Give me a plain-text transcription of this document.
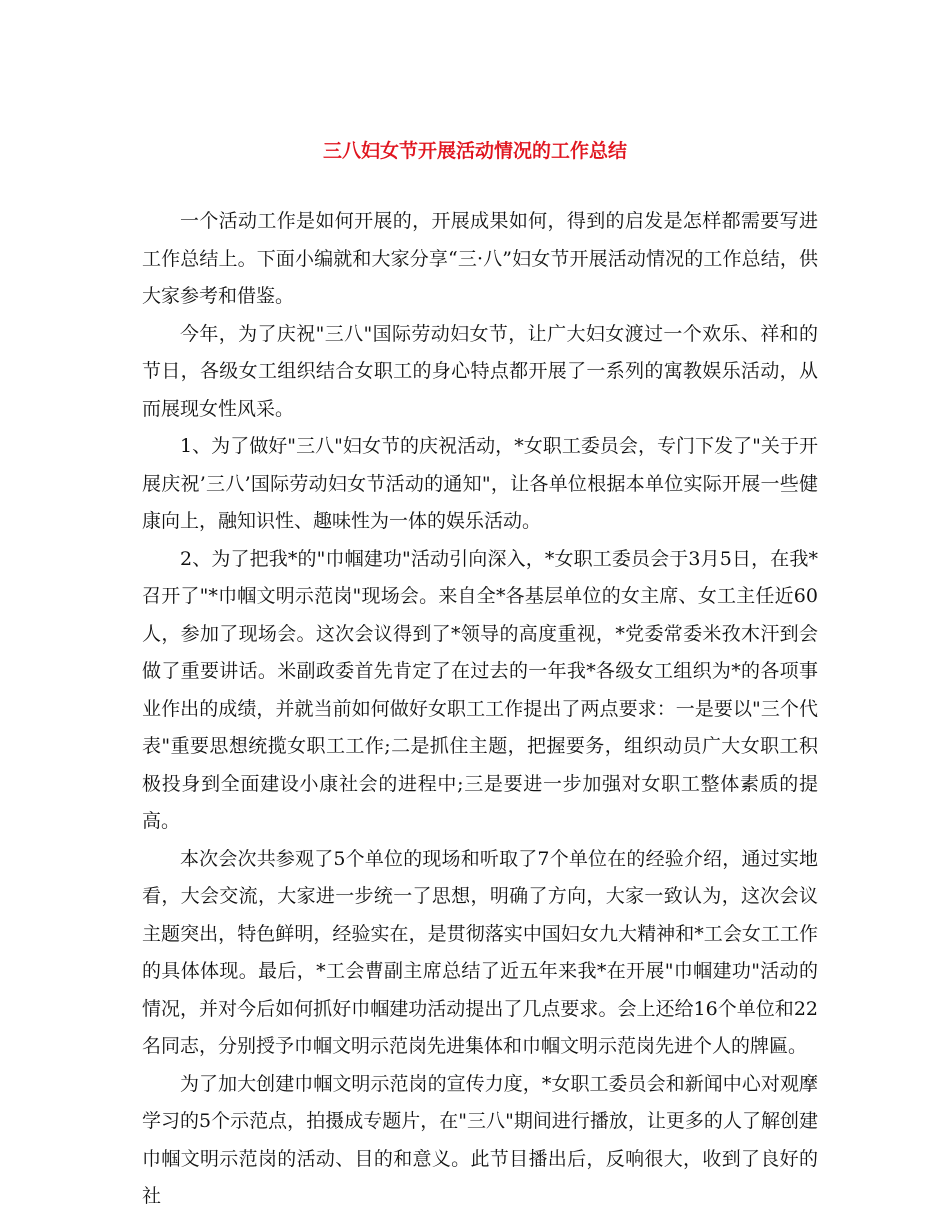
三八妇女节开展活动情况的工作总结

一个活动工作是如何开展的，开展成果如何，得到的启发是怎样都需要写进工作总结上。下面小编就和大家分享“三·八”妇女节开展活动情况的工作总结，供大家参考和借鉴。

今年，为了庆祝"三八"国际劳动妇女节，让广大妇女渡过一个欢乐、祥和的节日，各级女工组织结合女职工的身心特点都开展了一系列的寓教娱乐活动，从而展现女性风采。

1、为了做好"三八"妇女节的庆祝活动，*女职工委员会，专门下发了"关于开展庆祝’三八’国际劳动妇女节活动的通知"，让各单位根据本单位实际开展一些健康向上，融知识性、趣味性为一体的娱乐活动。

2、为了把我*的"巾帼建功"活动引向深入，*女职工委员会于3月5日，在我*召开了"*巾帼文明示范岗"现场会。来自全*各基层单位的女主席、女工主任近60人，参加了现场会。这次会议得到了*领导的高度重视，*党委常委米孜木汗到会做了重要讲话。米副政委首先肯定了在过去的一年我*各级女工组织为*的各项事业作出的成绩，并就当前如何做好女职工工作提出了两点要求：一是要以"三个代表"重要思想统揽女职工工作;二是抓住主题，把握要务，组织动员广大女职工积极投身到全面建设小康社会的进程中;三是要进一步加强对女职工整体素质的提高。

本次会次共参观了5个单位的现场和听取了7个单位在的经验介绍，通过实地看，大会交流，大家进一步统一了思想，明确了方向，大家一致认为，这次会议主题突出，特色鲜明，经验实在，是贯彻落实中国妇女九大精神和*工会女工工作的具体体现。最后，*工会曹副主席总结了近五年来我*在开展"巾帼建功"活动的情况，并对今后如何抓好巾帼建功活动提出了几点要求。会上还给16个单位和22名同志，分别授予巾帼文明示范岗先进集体和巾帼文明示范岗先进个人的牌匾。

为了加大创建巾帼文明示范岗的宣传力度，*女职工委员会和新闻中心对观摩学习的5个示范点，拍摄成专题片，在"三八"期间进行播放，让更多的人了解创建巾帼文明示范岗的活动、目的和意义。此节目播出后，反响很大，收到了良好的社
